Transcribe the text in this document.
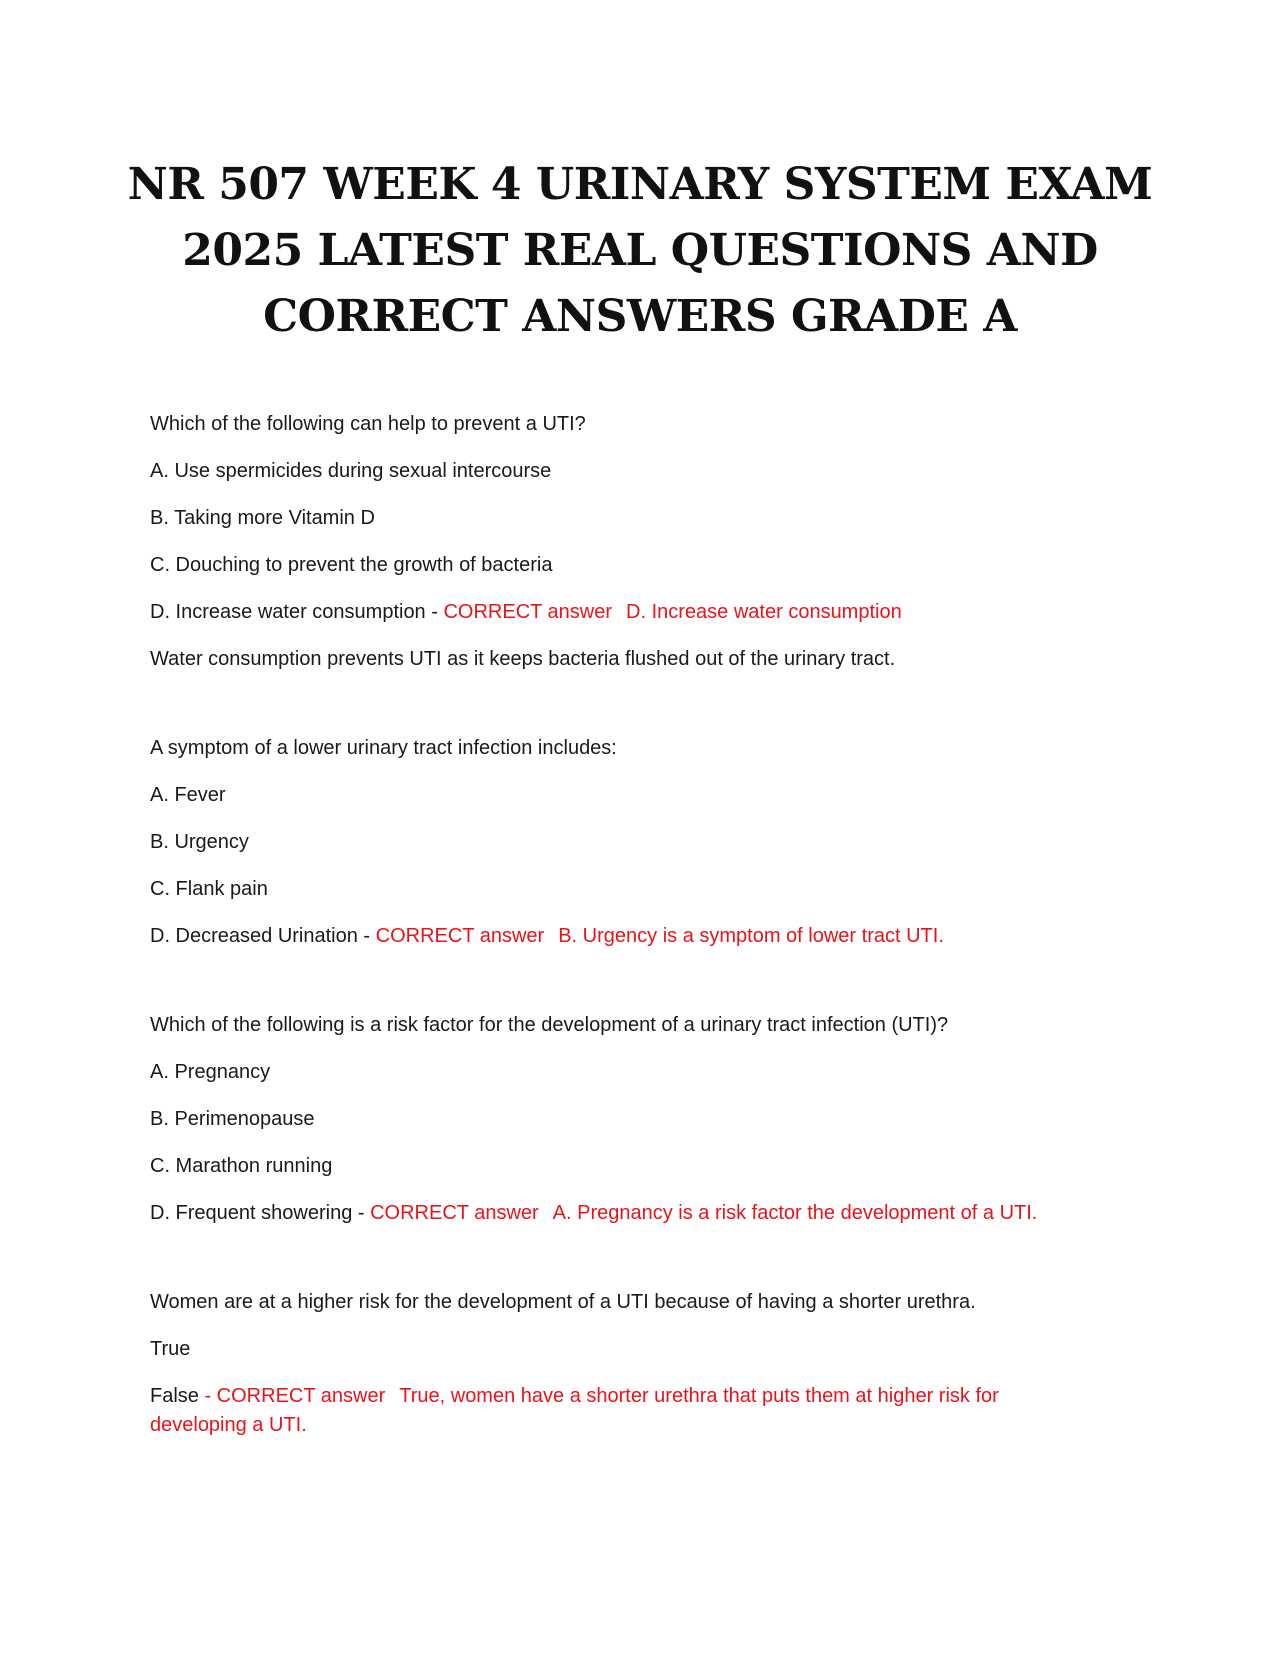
NR 507 WEEK 4 URINARY SYSTEM EXAM
2025 LATEST REAL QUESTIONS AND
CORRECT ANSWERS GRADE A
Which of the following can help to prevent a UTI?
A. Use spermicides during sexual intercourse
B. Taking more Vitamin D
C. Douching to prevent the growth of bacteria
D. Increase water consumption - CORRECT answer D. Increase water consumption
Water consumption prevents UTI as it keeps bacteria flushed out of the urinary tract.
A symptom of a lower urinary tract infection includes:
A. Fever
B. Urgency
C. Flank pain
D. Decreased Urination - CORRECT answer B. Urgency is a symptom of lower tract UTI.
Which of the following is a risk factor for the development of a urinary tract infection (UTI)?
A. Pregnancy
B. Perimenopause
C. Marathon running
D. Frequent showering - CORRECT answer A. Pregnancy is a risk factor the development of a UTI.
Women are at a higher risk for the development of a UTI because of having a shorter urethra.
True
False - CORRECT answer True, women have a shorter urethra that puts them at higher risk for developing a UTI.
